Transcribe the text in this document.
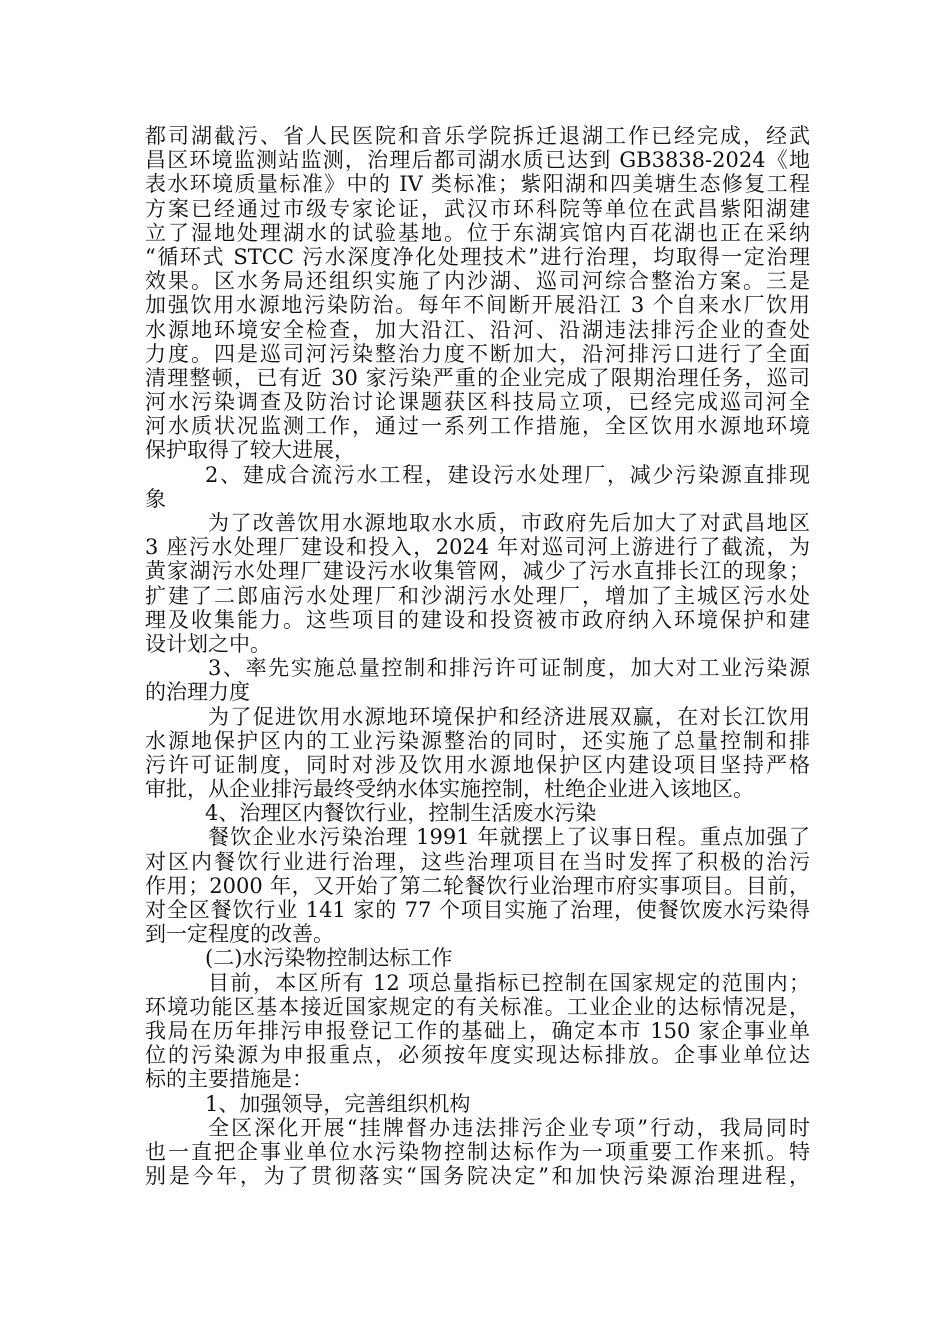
都司湖截污、省人民医院和音乐学院拆迁退湖工作已经完成，经武
昌区环境监测站监测，治理后都司湖水质已达到 GB3838-2024《地
表水环境质量标准》中的 IV 类标准；紫阳湖和四美塘生态修复工程
方案已经通过市级专家论证，武汉市环科院等单位在武昌紫阳湖建
立了湿地处理湖水的试验基地。位于东湖宾馆内百花湖也正在采纳
“循环式 STCC 污水深度净化处理技术”进行治理，均取得一定治理
效果。区水务局还组织实施了内沙湖、巡司河综合整治方案。三是
加强饮用水源地污染防治。每年不间断开展沿江 3 个自来水厂饮用
水源地环境安全检查，加大沿江、沿河、沿湖违法排污企业的查处
力度。四是巡司河污染整治力度不断加大，沿河排污口进行了全面
清理整顿，已有近 30 家污染严重的企业完成了限期治理任务，巡司
河水污染调查及防治讨论课题获区科技局立项，已经完成巡司河全
河水质状况监测工作，通过一系列工作措施，全区饮用水源地环境
保护取得了较大进展，
2、建成合流污水工程，建设污水处理厂，减少污染源直排现
象
为了改善饮用水源地取水水质，市政府先后加大了对武昌地区
3 座污水处理厂建设和投入，2024 年对巡司河上游进行了截流，为
黄家湖污水处理厂建设污水收集管网，减少了污水直排长江的现象；
扩建了二郎庙污水处理厂和沙湖污水处理厂，增加了主城区污水处
理及收集能力。这些项目的建设和投资被市政府纳入环境保护和建
设计划之中。
3、率先实施总量控制和排污许可证制度，加大对工业污染源
的治理力度
为了促进饮用水源地环境保护和经济进展双赢，在对长江饮用
水源地保护区内的工业污染源整治的同时，还实施了总量控制和排
污许可证制度，同时对涉及饮用水源地保护区内建设项目坚持严格
审批，从企业排污最终受纳水体实施控制，杜绝企业进入该地区。
4、治理区内餐饮行业，控制生活废水污染
餐饮企业水污染治理 1991 年就摆上了议事日程。重点加强了
对区内餐饮行业进行治理，这些治理项目在当时发挥了积极的治污
作用；2000 年，又开始了第二轮餐饮行业治理市府实事项目。目前，
对全区餐饮行业 141 家的 77 个项目实施了治理，使餐饮废水污染得
到一定程度的改善。
(二)水污染物控制达标工作
目前，本区所有 12 项总量指标已控制在国家规定的范围内；
环境功能区基本接近国家规定的有关标准。工业企业的达标情况是，
我局在历年排污申报登记工作的基础上，确定本市 150 家企事业单
位的污染源为申报重点，必须按年度实现达标排放。企事业单位达
标的主要措施是：
1、加强领导，完善组织机构
全区深化开展“挂牌督办违法排污企业专项”行动，我局同时
也一直把企事业单位水污染物控制达标作为一项重要工作来抓。特
别是今年，为了贯彻落实“国务院决定”和加快污染源治理进程，
